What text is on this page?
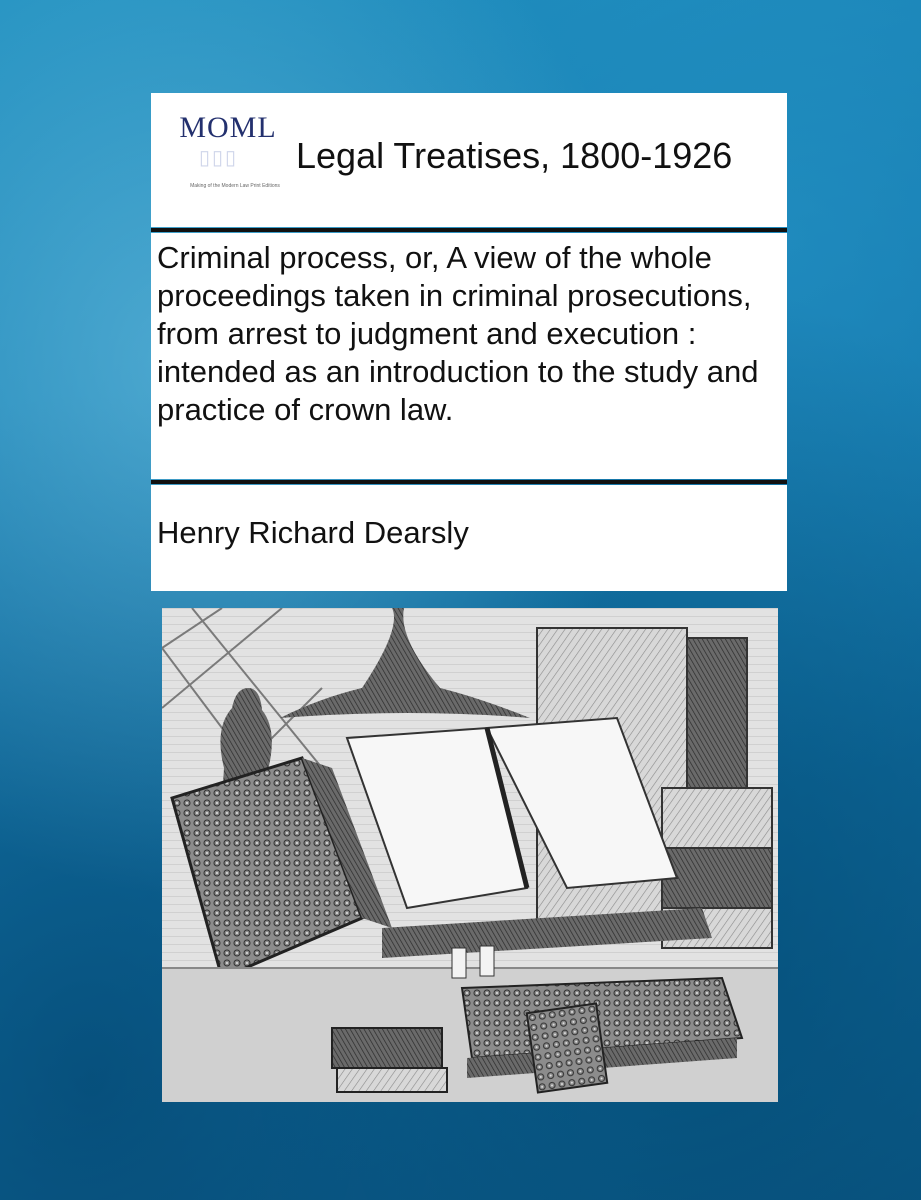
▯▯▯
MOML
Making of the Modern Law Print Editions
Legal Treatises, 1800-1926
Criminal process, or, A view of the whole proceedings taken in criminal prosecutions, from arrest to judgment and execution : intended as an introduction to the study and practice of crown law.
Henry Richard Dearsly
